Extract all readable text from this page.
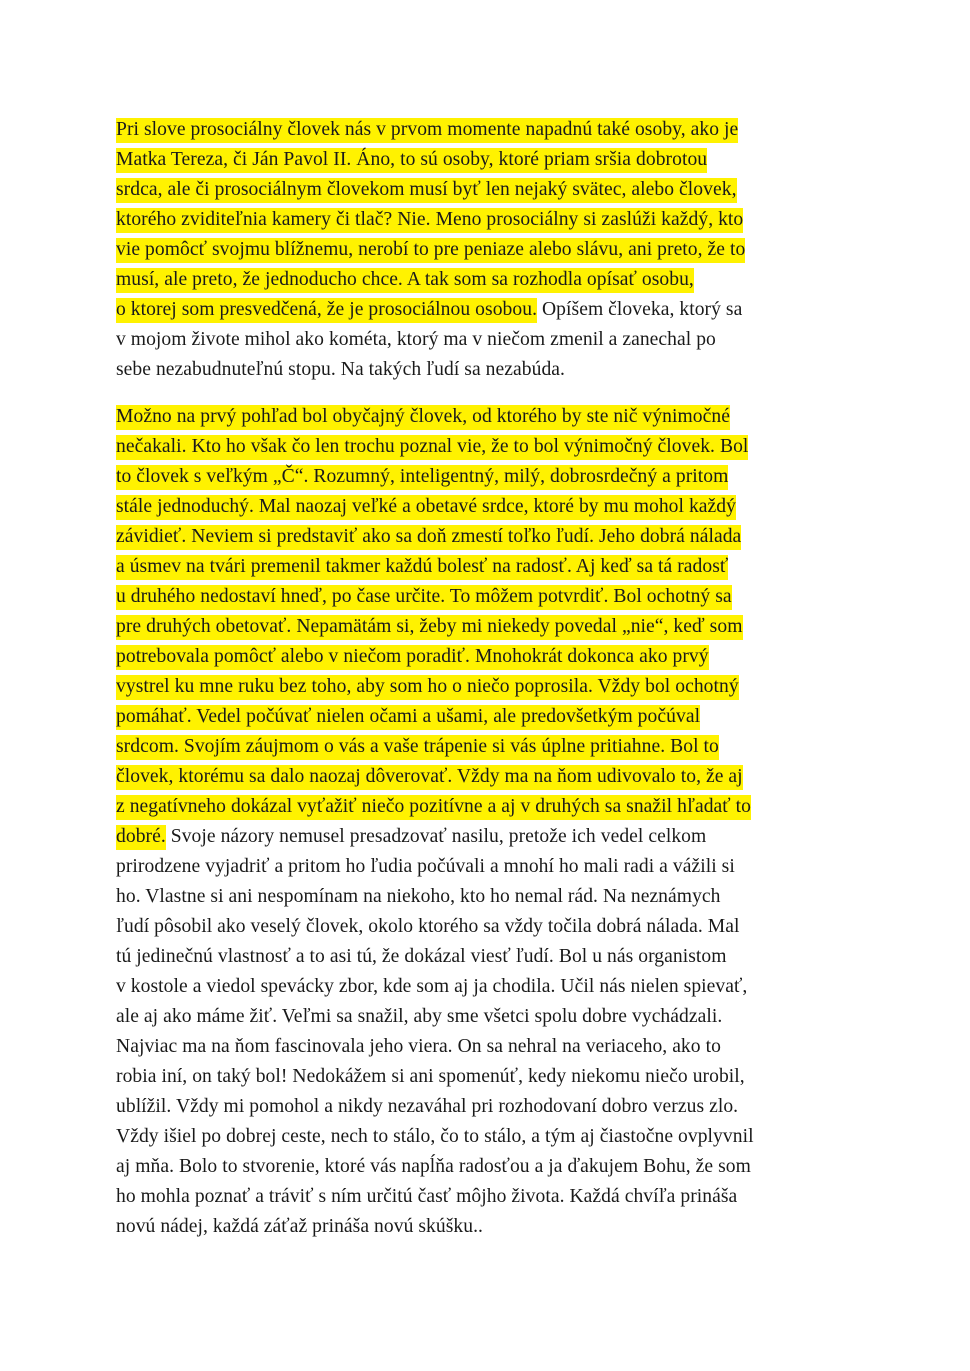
Pri slove prosociálny človek nás v prvom momente napadnú také osoby, ako je
Matka Tereza, či Ján Pavol II. Áno, to sú osoby, ktoré priam sršia dobrotou
srdca, ale či prosociálnym človekom musí byť len nejaký svätec, alebo človek,
ktorého zviditeľnia kamery či tlač? Nie. Meno prosociálny si zaslúži každý, kto
vie pomôcť svojmu blížnemu, nerobí to pre peniaze alebo slávu, ani preto, že to
musí, ale preto, že jednoducho chce. A tak som sa rozhodla opísať osobu,
o ktorej som presvedčená, že je prosociálnou osobou. Opíšem človeka, ktorý sa
v mojom živote mihol ako kométa, ktorý ma v niečom zmenil a zanechal po
sebe nezabudnuteľnú stopu. Na takých ľudí sa nezabúda.
Možno na prvý pohľad bol obyčajný človek, od ktorého by ste nič výnimočné
nečakali. Kto ho však čo len trochu poznal vie, že to bol výnimočný človek. Bol
to človek s veľkým „Č“. Rozumný, inteligentný, milý, dobrosrdečný a pritom
stále jednoduchý. Mal naozaj veľké a obetavé srdce, ktoré by mu mohol každý
závidieť. Neviem si predstaviť ako sa doň zmestí toľko ľudí. Jeho dobrá nálada
a úsmev na tvári premenil takmer každú bolesť na radosť. Aj keď sa tá radosť
u druhého nedostaví hneď, po čase určite. To môžem potvrdiť. Bol ochotný sa
pre druhých obetovať. Nepamätám si, žeby mi niekedy povedal „nie“, keď som
potrebovala pomôcť alebo v niečom poradiť. Mnohokrát dokonca ako prvý
vystrel ku mne ruku bez toho, aby som ho o niečo poprosila. Vždy bol ochotný
pomáhať. Vedel počúvať nielen očami a ušami, ale predovšetkým počúval
srdcom. Svojím záujmom o vás a vaše trápenie si vás úplne pritiahne. Bol to
človek, ktorému sa dalo naozaj dôverovať. Vždy ma na ňom udivovalo to, že aj
z negatívneho dokázal vyťažiť niečo pozitívne a aj v druhých sa snažil hľadať to
dobré. Svoje názory nemusel presadzovať nasilu, pretože ich vedel celkom
prirodzene vyjadriť a pritom ho ľudia počúvali a mnohí ho mali radi a vážili si
ho. Vlastne si ani nespomínam na niekoho, kto ho nemal rád. Na neznámych
ľudí pôsobil ako veselý človek, okolo ktorého sa vždy točila dobrá nálada. Mal
tú jedinečnú vlastnosť a to asi tú, že dokázal viesť ľudí. Bol u nás organistom
v kostole a viedol spevácky zbor, kde som aj ja chodila. Učil nás nielen spievať,
ale aj ako máme žiť. Veľmi sa snažil, aby sme všetci spolu dobre vychádzali.
Najviac ma na ňom fascinovala jeho viera. On sa nehral na veriaceho, ako to
robia iní, on taký bol! Nedokážem si ani spomenúť, kedy niekomu niečo urobil,
ublížil. Vždy mi pomohol a nikdy nezaváhal pri rozhodovaní dobro verzus zlo.
Vždy išiel po dobrej ceste, nech to stálo, čo to stálo, a tým aj čiastočne ovplyvnil
aj mňa. Bolo to stvorenie, ktoré vás napĺňa radosťou a ja ďakujem Bohu, že som
ho mohla poznať a tráviť s ním určitú časť môjho života. Každá chvíľa prináša
novú nádej, každá záťaž prináša novú skúšku..
